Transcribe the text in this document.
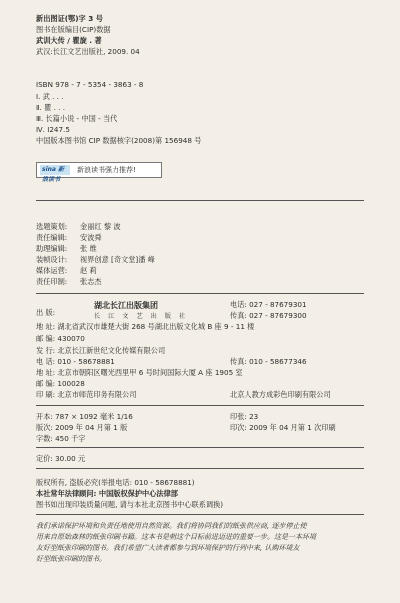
新出图证(鄂)字 3 号
图书在版编目(CIP)数据
武训大传 / 瞿旋 . 著
武汉:长江文艺出版社, 2009. 04
ISBN 978 - 7 - 5354 - 3863 - 8
Ⅰ. 武 . . .
Ⅱ. 瞿 . . .
Ⅲ. 长篇小说 - 中国 - 当代
Ⅳ. I247.5
中国版本图书馆 CIP 数据核字(2008)第 156948 号
sina 新浪读书
新浪读书强力推荐!
选题策划: 金丽红 黎 波
责任编辑: 安波舜
助理编辑: 张 维
装帧设计: 视界创意 [奇文堂]潘 峰
媒体运营: 赵 莉
责任印制: 张志杰
出 版:
湖北长江出版集团
长 江 文 艺 出 版 社
电话: 027 - 87679301
传真: 027 - 87679300
地 址: 湖北省武汉市雄楚大街 268 号湖北出版文化城 B 座 9 - 11 楼
邮 编: 430070
发 行: 北京长江新世纪文化传媒有限公司
电 话: 010 - 58678881	传真: 010 - 58677346
地 址: 北京市朝阳区曙光西里甲 6 号时间国际大厦 A 座 1905 室
邮 编: 100028
印 刷: 北京市师范印务有限公司	北京人教方成彩色印刷有限公司
开本: 787 × 1092 毫米 1/16	印张: 23
版次: 2009 年 04 月第 1 版	印次: 2009 年 04 月第 1 次印刷
字数: 450 千字
定价: 30.00 元
版权所有, 盗版必究(举报电话: 010 - 58678881)
本社常年法律顾问: 中国版权保护中心法律部
图书如出现印装质量问题, 请与本社北京图书中心联系调换)
我们承诺保护环境和负责任地使用自然资源。我们将协同我们的纸张供应商, 逐步停止使
用来自原始森林的纸张印刷书籍。这本书是朝这个目标前进迈进的重要一步。这是一本环境
友好型纸张印刷的图书。我们希望广大读者都参与到环境保护的行列中来, 认购环境友
好型纸张印刷的图书。
